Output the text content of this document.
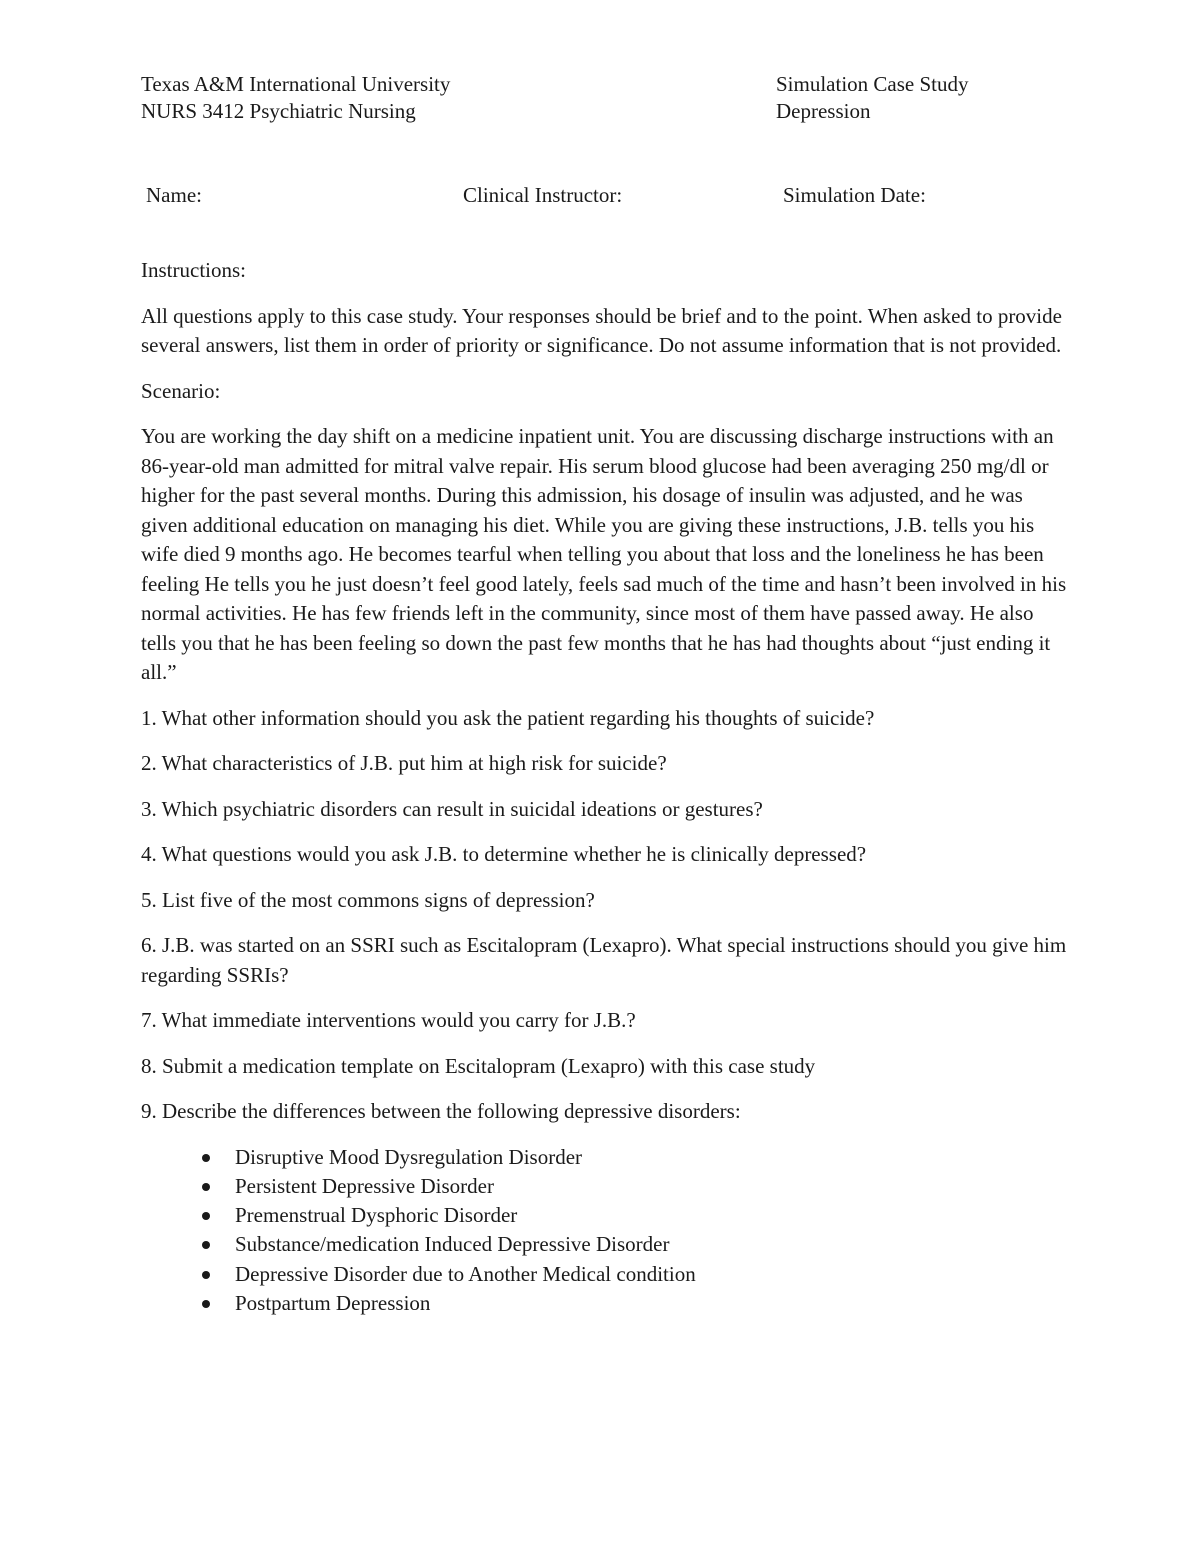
Texas A&M International University
NURS 3412 Psychiatric Nursing
Simulation Case Study
Depression
Name:	Clinical Instructor:	Simulation Date:

Instructions:

All questions apply to this case study. Your responses should be brief and to the point. When asked to provide several answers, list them in order of priority or significance. Do not assume information that is not provided.

Scenario:

You are working the day shift on a medicine inpatient unit. You are discussing discharge instructions with an 86-year-old man admitted for mitral valve repair. His serum blood glucose had been averaging 250 mg/dl or higher for the past several months. During this admission, his dosage of insulin was adjusted, and he was given additional education on managing his diet. While you are giving these instructions, J.B. tells you his wife died 9 months ago. He becomes tearful when telling you about that loss and the loneliness he has been feeling He tells you he just doesn’t feel good lately, feels sad much of the time and hasn’t been involved in his normal activities. He has few friends left in the community, since most of them have passed away. He also tells you that he has been feeling so down the past few months that he has had thoughts about “just ending it all.”

1. What other information should you ask the patient regarding his thoughts of suicide?

2. What characteristics of J.B. put him at high risk for suicide?

3. Which psychiatric disorders can result in suicidal ideations or gestures?

4. What questions would you ask J.B. to determine whether he is clinically depressed?

5. List five of the most commons signs of depression?

6. J.B. was started on an SSRI such as Escitalopram (Lexapro). What special instructions should you give him regarding SSRIs?

7. What immediate interventions would you carry for J.B.?

8. Submit a medication template on Escitalopram (Lexapro) with this case study

9. Describe the differences between the following depressive disorders:

Disruptive Mood Dysregulation Disorder
Persistent Depressive Disorder
Premenstrual Dysphoric Disorder
Substance/medication Induced Depressive Disorder
Depressive Disorder due to Another Medical condition
Postpartum Depression
